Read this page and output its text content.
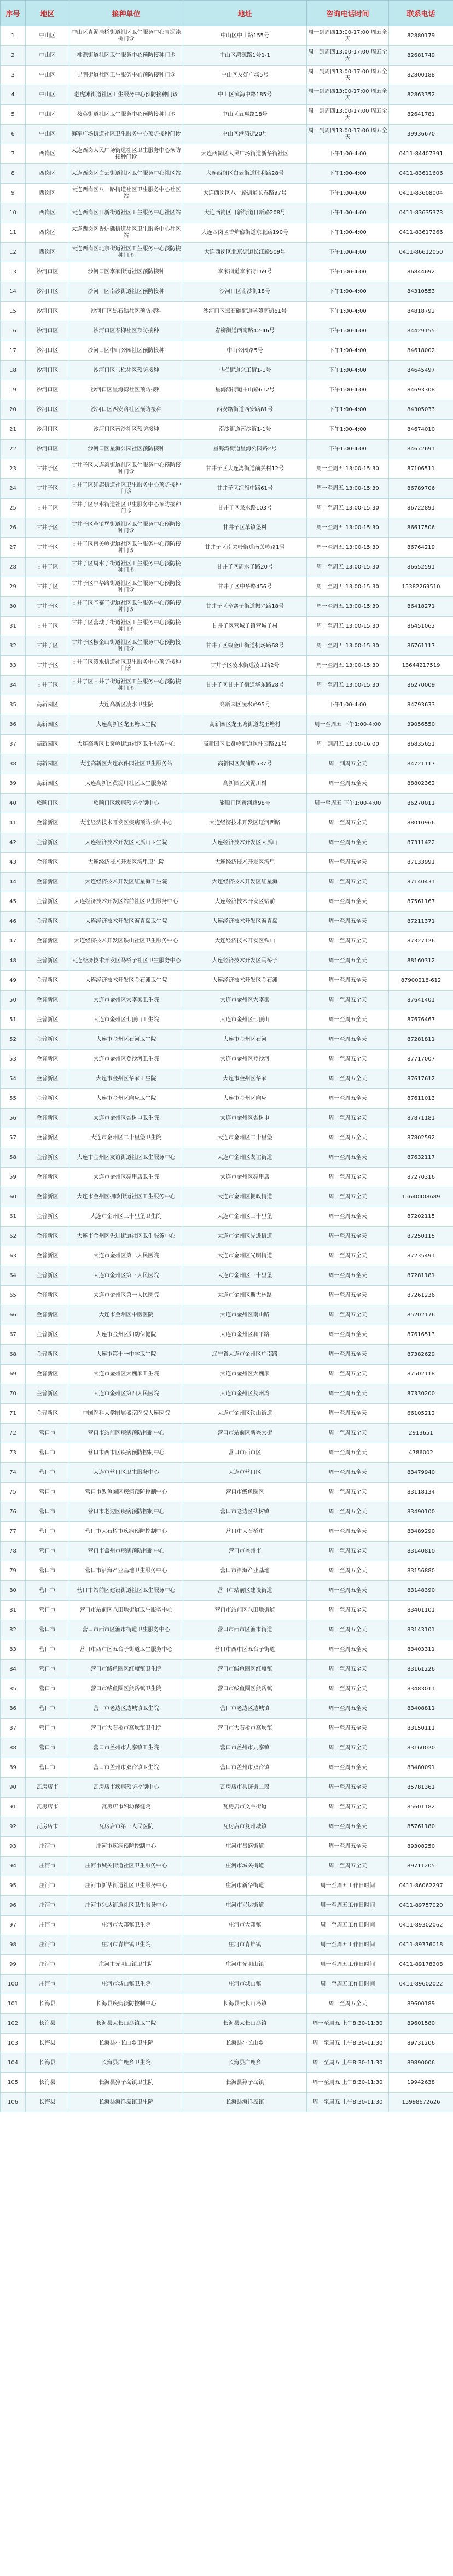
序号	地区	接种单位	地址	咨询电话时间	联系电话
1	中山区	中山区青泥洼桥街道社区卫生服务中心青泥洼桥门诊	中山区中山路155号	周一到周四13:00-17:00 周五全天	82880179
2	中山区	桃源街道社区卫生服务中心预防接种门诊	中山区鸿源路1号1-1	周一到周四13:00-17:00 周五全天	82681749
3	中山区	昆明街道社区卫生服务中心预防接种门诊	中山区友好广场5号	周一到周四13:00-17:00 周五全天	82800188
4	中山区	老虎滩街道社区卫生服务中心预防接种门诊	中山区滨海中路185号	周一到周四13:00-17:00 周五全天	82863352
5	中山区	葵英街道社区卫生服务中心预防接种门诊	中山区五惠路18号	周一到周四13:00-17:00 周五全天	82641781
6	中山区	海军广场街道社区卫生服务中心预防接种门诊	中山区港湾街20号	周一到周四13:00-17:00 周五全天	39936670
7	西岗区	大连西岗人民广场街道社区卫生服务中心预防接种门诊	大连西岗区人民广场街道新华街社区	下午1:00-4:00	0411-84407391
8	西岗区	大连西岗区白云街道社区卫生服务中心社区站	大连西岗区白云街道胜利路28号	下午1:00-4:00	0411-83611606
9	西岗区	大连西岗区八一路街道社区卫生服务中心社区站	大连西岗区八一路街道长春路97号	下午1:00-4:00	0411-83608004
10	西岗区	大连西岗区日新街道社区卫生服务中心社区站	大连西岗区日新街道日新路208号	下午1:00-4:00	0411-83635373
11	西岗区	大连西岗区香炉礁街道社区卫生服务中心社区站	大连西岗区香炉礁街道东北路190号	下午1:00-4:00	0411-83617266
12	西岗区	大连西岗区北京街道社区卫生服务中心预防接种门诊	大连西岗区北京街道长江路509号	下午1:00-4:00	0411-86612050
13	沙河口区	沙河口区李家街道社区预防接种	李家街道李家街169号	下午1:00-4:00	86844692
14	沙河口区	沙河口区南沙街道社区预防接种	沙河口区南沙街18号	下午1:00-4:00	84310553
15	沙河口区	沙河口区黑石礁社区预防接种	沙河口区黑石礁街道学苑南街61号	下午1:00-4:00	84818792
16	沙河口区	沙河口区春柳社区预防接种	春柳街道西南路42-46号	下午1:00-4:00	84429155
17	沙河口区	沙河口区中山公园社区预防接种	中山公园路5号	下午1:00-4:00	84618002
18	沙河口区	沙河口区马栏社区预防接种	马栏街道兴工街1-1号	下午1:00-4:00	84645497
19	沙河口区	沙河口区星海湾社区预防接种	星海湾街道中山路612号	下午1:00-4:00	84693308
20	沙河口区	沙河口区西安路社区预防接种	西安路街道西安路81号	下午1:00-4:00	84305033
21	沙河口区	沙河口区南沙社区预防接种	南沙街道南沙街1-1号	下午1:00-4:00	84674010
22	沙河口区	沙河口区星海公园社区预防接种	星海湾街道星海公园路2号	下午1:00-4:00	84672691
23	甘井子区	甘井子区大连湾街道社区卫生服务中心预防接种门诊	甘井子区大连湾街道前关村12号	周一至周五 13:00-15:30	87106511
24	甘井子区	甘井子区红旗街道社区卫生服务中心预防接种门诊	甘井子区红旗中路61号	周一至周五 13:00-15:30	86789706
25	甘井子区	甘井子区泉水街道社区卫生服务中心预防接种门诊	甘井子区泉水路103号	周一至周五 13:00-15:30	86722891
26	甘井子区	甘井子区革镇堡街道社区卫生服务中心预防接种门诊	甘井子区革镇堡村	周一至周五 13:00-15:30	86617506
27	甘井子区	甘井子区南关岭街道社区卫生服务中心预防接种门诊	甘井子区南关岭街道南关岭路1号	周一至周五 13:00-15:30	86764219
28	甘井子区	甘井子区周水子街道社区卫生服务中心预防接种门诊	甘井子区周水子路20号	周一至周五 13:00-15:30	86652591
29	甘井子区	甘井子区中华路街道社区卫生服务中心预防接种门诊	甘井子区中华路456号	周一至周五 13:00-15:30	15382269510
30	甘井子区	甘井子区辛寨子街道社区卫生服务中心预防接种门诊	甘井子区辛寨子街道振兴路18号	周一至周五 13:00-15:30	86418271
31	甘井子区	甘井子区营城子街道社区卫生服务中心预防接种门诊	甘井子区营城子镇营城子村	周一至周五 13:00-15:30	86451062
32	甘井子区	甘井子区椒金山街道社区卫生服务中心预防接种门诊	甘井子区椒金山街道机场路68号	周一至周五 13:00-15:30	86761117
33	甘井子区	甘井子区凌水街道社区卫生服务中心预防接种门诊	甘井子区凌水街道凌工路2号	周一至周五 13:00-15:30	13644217519
34	甘井子区	甘井子区甘井子街道社区卫生服务中心预防接种门诊	甘井子区甘井子街道华东路28号	周一至周五 13:00-15:30	86270009
35	高新园区	大连高新区凌水卫生院	高新园区凌水路95号	下午1:00-4:00	84793633
36	高新园区	大连高新区龙王塘卫生院	高新园区龙王塘街道龙王塘村	周一至周五 下午1:00-4:00	39056550
37	高新园区	大连高新区七贤岭街道社区卫生服务中心	高新园区七贤岭街道软件园路21号	周一到周五 13:00-16:00	86835651
38	高新园区	大连高新区大连软件园社区卫生服务站	高新园区黄浦路537号	周一到周五全天	84721117
39	高新园区	大连高新区黄泥川社区卫生服务站	高新园区黄泥川村	周一至周五全天	88802362
40	旅顺口区	旅顺口区疾病预防控制中心	旅顺口区黄河路98号	周一至周五 下午1:00-4:00	86270011
41	金普新区	大连经济技术开发区疾病预防控制中心	大连经济技术开发区辽河西路	周一至周五全天	88010966
42	金普新区	大连经济技术开发区大孤山卫生院	大连经济技术开发区大孤山	周一至周五全天	87311422
43	金普新区	大连经济技术开发区湾里卫生院	大连经济技术开发区湾里	周一至周五全天	87133991
44	金普新区	大连经济技术开发区红星海卫生院	大连经济技术开发区红星海	周一至周五全天	87140431
45	金普新区	大连经济技术开发区站前社区卫生服务中心	大连经济技术开发区站前	周一至周五全天	87561167
46	金普新区	大连经济技术开发区海青岛卫生院	大连经济技术开发区海青岛	周一至周五全天	87211371
47	金普新区	大连经济技术开发区铁山社区卫生服务中心	大连经济技术开发区铁山	周一至周五全天	87327126
48	金普新区	大连经济技术开发区马桥子社区卫生服务中心	大连经济技术开发区马桥子	周一至周五全天	88160312
49	金普新区	大连经济技术开发区金石滩卫生院	大连经济技术开发区金石滩	周一至周五全天	87900218-612
50	金普新区	大连市金州区大李家卫生院	大连市金州区大李家	周一至周五全天	87641401
51	金普新区	大连市金州区七顶山卫生院	大连市金州区七顶山	周一至周五全天	87676467
52	金普新区	大连市金州区石河卫生院	大连市金州区石河	周一至周五全天	87281811
53	金普新区	大连市金州区登沙河卫生院	大连市金州区登沙河	周一至周五全天	87717007
54	金普新区	大连市金州区华家卫生院	大连市金州区华家	周一至周五全天	87617612
55	金普新区	大连市金州区向应卫生院	大连市金州区向应	周一至周五全天	87611013
56	金普新区	大连市金州区杏树屯卫生院	大连市金州区杏树屯	周一至周五全天	87871181
57	金普新区	大连市金州区二十里堡卫生院	大连市金州区二十里堡	周一至周五全天	87802592
58	金普新区	大连市金州区友谊街道社区卫生服务中心	大连市金州区友谊街道	周一至周五全天	87632117
59	金普新区	大连市金州区亮甲店卫生院	大连市金州区亮甲店	周一至周五全天	87270316
60	金普新区	大连市金州区拥政街道社区卫生服务中心	大连市金州区拥政街道	周一至周五全天	15640408689
61	金普新区	大连市金州区三十里堡卫生院	大连市金州区三十里堡	周一至周五全天	87202115
62	金普新区	大连市金州区先进街道社区卫生服务中心	大连市金州区先进街道	周一至周五全天	87250115
63	金普新区	大连市金州区第二人民医院	大连市金州区光明街道	周一至周五全天	87235491
64	金普新区	大连市金州区第三人民医院	大连市金州区三十里堡	周一至周五全天	87281181
65	金普新区	大连市金州区第一人民医院	大连市金州区斯大林路	周一至周五全天	87261236
66	金普新区	大连市金州区中医医院	大连市金州区南山路	周一至周五全天	85202176
67	金普新区	大连市金州区妇幼保健院	大连市金州区和平路	周一至周五全天	87616513
68	金普新区	大连市第十一中学卫生院	辽宁省大连市金州区广南路	周一至周五全天	87382629
69	金普新区	大连市金州区大魏家卫生院	大连市金州区大魏家	周一至周五全天	87502118
70	金普新区	大连市金州区第四人民医院	大连市金州区复州湾	周一至周五全天	87330200
71	金普新区	中国医科大学附属盛京医院大连医院	大连市金州区铁山街道	周一至周五全天	66105212
72	营口市	营口市站前区疾病预防控制中心	营口市站前区新兴大街	周一至周五全天	2913651
73	营口市	营口市西市区疾病预防控制中心	营口市西市区	周一至周五全天	4786002
74	营口市	大连市营口区卫生服务中心	大连市营口区	周一至周五全天	83479940
75	营口市	营口市鲅鱼圈区疾病预防控制中心	营口市鲅鱼圈区	周一至周五全天	83118134
76	营口市	营口市老边区疾病预防控制中心	营口市老边区柳树镇	周一至周五全天	83490100
77	营口市	营口市大石桥市疾病预防控制中心	营口市大石桥市	周一至周五全天	83489290
78	营口市	营口市盖州市疾病预防控制中心	营口市盖州市	周一至周五全天	83140810
79	营口市	营口市沿海产业基地卫生服务中心	营口市沿海产业基地	周一至周五全天	83156880
80	营口市	营口市站前区建设街道社区卫生服务中心	营口市站前区建设街道	周一至周五全天	83148390
81	营口市	营口市站前区八田地街道卫生服务中心	营口市站前区八田地街道	周一至周五全天	83401101
82	营口市	营口市西市区渔市街道卫生服务中心	营口市西市区渔市街道	周一至周五全天	83143101
83	营口市	营口市西市区五台子街道卫生服务中心	营口市西市区五台子街道	周一至周五全天	83403311
84	营口市	营口市鲅鱼圈区红旗镇卫生院	营口市鲅鱼圈区红旗镇	周一至周五全天	83161226
85	营口市	营口市鲅鱼圈区熊岳镇卫生院	营口市鲅鱼圈区熊岳镇	周一至周五全天	83483011
86	营口市	营口市老边区边城镇卫生院	营口市老边区边城镇	周一至周五全天	83408811
87	营口市	营口市大石桥市高坎镇卫生院	营口市大石桥市高坎镇	周一至周五全天	83150111
88	营口市	营口市盖州市九寨镇卫生院	营口市盖州市九寨镇	周一至周五全天	83160020
89	营口市	营口市盖州市双台镇卫生院	营口市盖州市双台镇	周一至周五全天	83480091
90	瓦房店市	瓦房店市疾病预防控制中心	瓦房店市共济街二段	周一至周五全天	85781361
91	瓦房店市	瓦房店市妇幼保健院	瓦房店市文兰街道	周一至周五全天	85601182
92	瓦房店市	瓦房店市第三人民医院	瓦房店市复州城镇	周一至周五全天	85761180
93	庄河市	庄河市疾病预防控制中心	庄河市昌盛街道	周一至周五全天	89308250
94	庄河市	庄河市城关街道社区卫生服务中心	庄河市城关街道	周一至周五全天	89711205
95	庄河市	庄河市新华街道社区卫生服务中心	庄河市新华街道	周一至周五工作日时间	0411-86062297
96	庄河市	庄河市兴达街道社区卫生服务中心	庄河市兴达街道	周一至周五工作日时间	0411-89757020
97	庄河市	庄河市大郑镇卫生院	庄河市大郑镇	周一至周五工作日时间	0411-89302062
98	庄河市	庄河市青堆镇卫生院	庄河市青堆镇	周一至周五工作日时间	0411-89376018
99	庄河市	庄河市光明山镇卫生院	庄河市光明山镇	周一至周五工作日时间	0411-89178208
100	庄河市	庄河市城山镇卫生院	庄河市城山镇	周一至周五工作日时间	0411-89602022
101	长海县	长海县疾病预防控制中心	长海县大长山岛镇	周一至周五全天	89600189
102	长海县	长海县大长山岛镇卫生院	长海县大长山岛镇	周一至周五 上午8:30-11:30	89601580
103	长海县	长海县小长山乡卫生院	长海县小长山乡	周一至周五 上午8:30-11:30	89731206
104	长海县	长海县广鹿乡卫生院	长海县广鹿乡	周一至周五 上午8:30-11:30	89890006
105	长海县	长海县獐子岛镇卫生院	长海县獐子岛镇	周一至周五 上午8:30-11:30	19942638
106	长海县	长海县海洋岛镇卫生院	长海县海洋岛镇	周一至周五 上午8:30-11:30	15998672626
